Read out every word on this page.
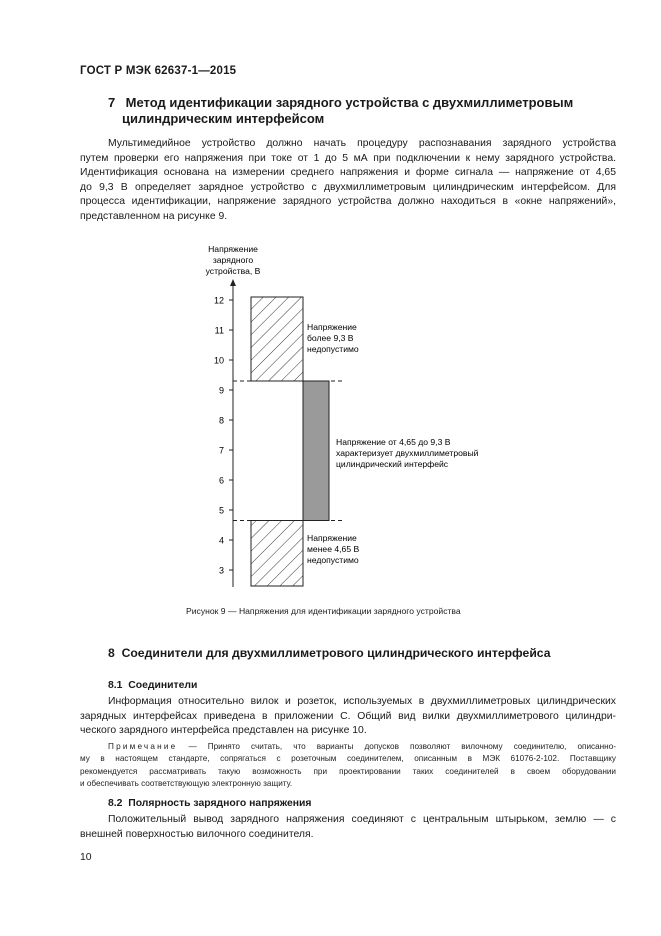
ГОСТ Р МЭК 62637-1—2015
7 Метод идентификации зарядного устройства с двухмиллиметровым
цилиндрическим интерфейсом
Мультимедийное устройство должно начать процедуру распознавания зарядного устройства
путем проверки его напряжения при токе от 1 до 5 мА при подключении к нему зарядного устройства.
Идентификация основана на измерении среднего напряжения и форме сигнала — напряжение от 4,65
до 9,3 В определяет зарядное устройство с двухмиллиметровым цилиндрическим интерфейсом. Для
процесса идентификации, напряжение зарядного устройства должно находиться в «окне напряжений»,
представленном на рисунке 9.
Напряжение
зарядного
устройства, В
12
11
10
9
8
7
6
5
4
3
Напряжение
более 9,3 В
недопустимо
Напряжение от 4,65 до 9,3 В
характеризует двухмиллиметровый
цилиндрический интерфейс
Напряжение
менее 4,65 В
недопустимо
Рисунок 9 — Напряжения для идентификации зарядного устройства
8 Соединители для двухмиллиметрового цилиндрического интерфейса
8.1 Соединители
Информация относительно вилок и розеток, используемых в двухмиллиметровых цилиндрических
зарядных интерфейсах приведена в приложении С. Общий вид вилки двухмиллиметрового цилиндри-
ческого зарядного интерфейса представлен на рисунке 10.
Примечание — Принято считать, что варианты допусков позволяют вилочному соединителю, описанно-
му в настоящем стандарте, сопрягаться с розеточным соединителем, описанным в МЭК 61076-2-102. Поставщику
рекомендуется рассматривать такую возможность при проектировании таких соединителей в своем оборудовании
и обеспечивать соответствующую электронную защиту.
8.2 Полярность зарядного напряжения
Положительный вывод зарядного напряжения соединяют с центральным штырьком, землю — с
внешней поверхностью вилочного соединителя.
10
